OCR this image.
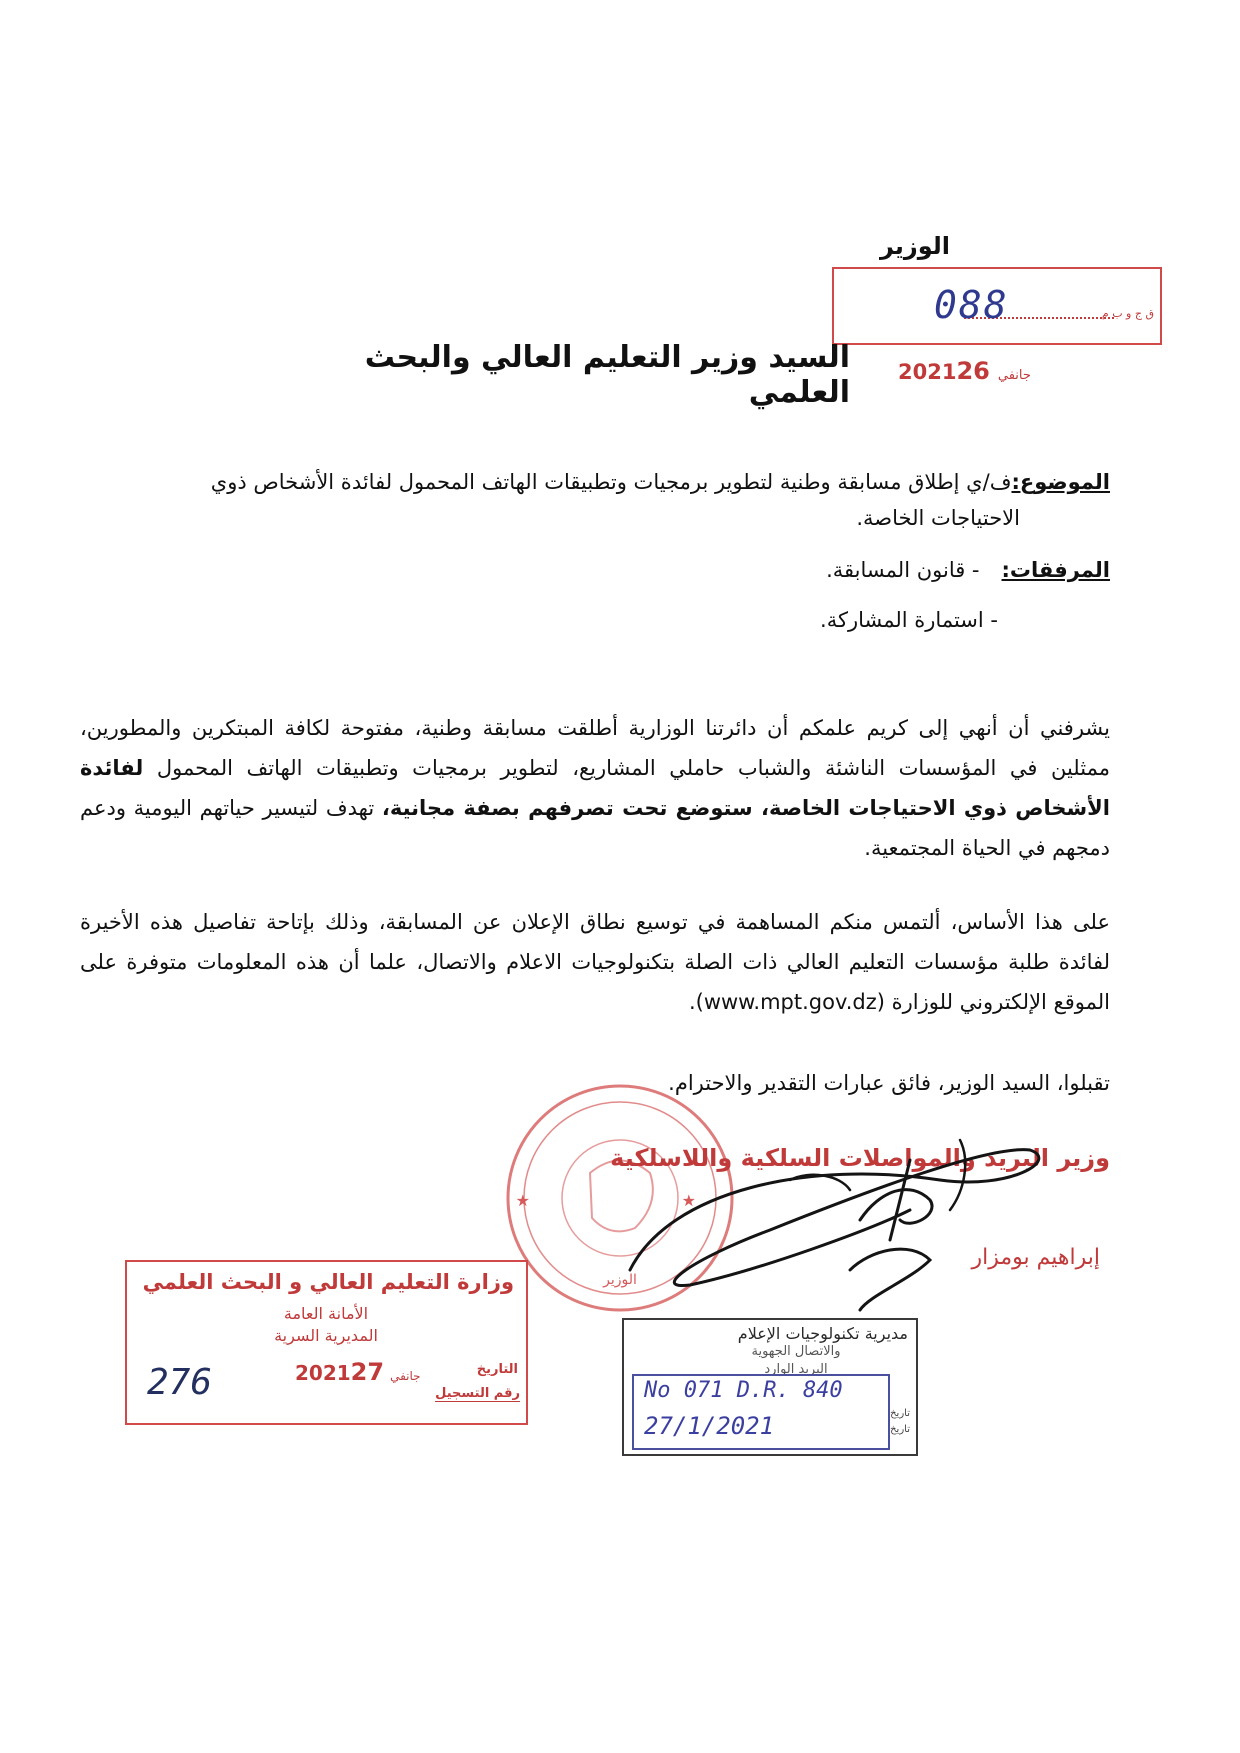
الوزير
ق ج و ب م
088
2021	جانفي26
السيد وزير التعليم العالي والبحث العلمي
الموضوع:ف/ي إطلاق مسابقة وطنية لتطوير برمجيات وتطبيقات الهاتف المحمول لفائدة الأشخاص ذوي
الاحتياجات الخاصة.
المرفقات:- قانون المسابقة.
- استمارة المشاركة.
يشرفني أن أنهي إلى كريم علمكم أن دائرتنا الوزارية أطلقت مسابقة وطنية، مفتوحة لكافة المبتكرين والمطورين، ممثلين في المؤسسات الناشئة والشباب حاملي المشاريع، لتطوير برمجيات وتطبيقات الهاتف المحمول لفائدة الأشخاص ذوي الاحتياجات الخاصة، ستوضع تحت تصرفهم بصفة مجانية، تهدف لتيسير حياتهم اليومية ودعم دمجهم في الحياة المجتمعية.
على هذا الأساس، ألتمس منكم المساهمة في توسيع نطاق الإعلان عن المسابقة، وذلك بإتاحة تفاصيل هذه الأخيرة لفائدة طلبة مؤسسات التعليم العالي ذات الصلة بتكنولوجيات الاعلام والاتصال، علما أن هذه المعلومات متوفرة على الموقع الإلكتروني للوزارة (www.mpt.gov.dz).
تقبلوا، السيد الوزير، فائق عبارات التقدير والاحترام.
★	★
الوزير
وزير البريد والمواصلات السلكية واللاسلكية
إبراهيم بومزار
وزارة التعليم العالي و البحث العلمي
الأمانة العامة
المديرية السرية
التاريخ
رقم التسجيل
2021	جانفي27
276
مديرية تكنولوجيات الإعلام
والاتصال الجهوية
البريد الوارد
No 071 D.R. 840
27/1/2021	تاريخ
تاريخ
